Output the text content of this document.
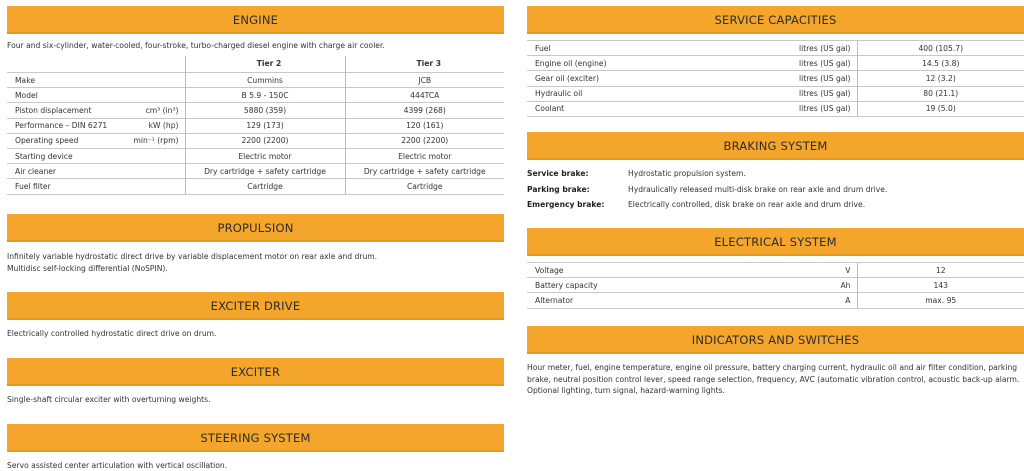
ENGINE
Four and six-cylinder, water-cooled, four-stroke, turbo-charged diesel engine with charge air cooler.
	Tier 2	Tier 3
Make	Cummins	JCB
Model	B 5.9 - 150C	444TCA
Piston displacement cm³ (in³)	5880 (359)	4399 (268)
Performance – DIN 6271 kW (hp)	129 (173)	120 (161)
Operating speed min⁻¹ (rpm)	2200 (2200)	2200 (2200)
Starting device	Electric motor	Electric motor
Air cleaner	Dry cartridge + safety cartridge	Dry cartridge + safety cartridge
Fuel filter	Cartridge	Cartridge
PROPULSION
Infinitely variable hydrostatic direct drive by variable displacement motor on rear axle and drum.
Multidisc self-locking differential (NoSPIN).
EXCITER DRIVE
Electrically controlled hydrostatic direct drive on drum.
EXCITER
Single-shaft circular exciter with overturning weights.
STEERING SYSTEM
Servo assisted center articulation with vertical oscillation.
SERVICE CAPACITIES
Fuel	litres (US gal)	400 (105.7)
Engine oil (engine)	litres (US gal)	14.5 (3.8)
Gear oil (exciter)	litres (US gal)	12 (3.2)
Hydraulic oil	litres (US gal)	80 (21.1)
Coolant	litres (US gal)	19 (5.0)
BRAKING SYSTEM
Service brake:	Hydrostatic propulsion system.
Parking brake:	Hydraulically released multi-disk brake on rear axle and drum drive.
Emergency brake:	Electrically controlled, disk brake on rear axle and drum drive.
ELECTRICAL SYSTEM
Voltage	V	12
Battery capacity	Ah	143
Alternator	A	max. 95
INDICATORS AND SWITCHES
Hour meter, fuel, engine temperature, engine oil pressure, battery charging current, hydraulic oil and air filter condition, parking
brake, neutral position control lever, speed range selection, frequency, AVC (automatic vibration control, acoustic back-up alarm.
Optional lighting, turn signal, hazard-warning lights.
